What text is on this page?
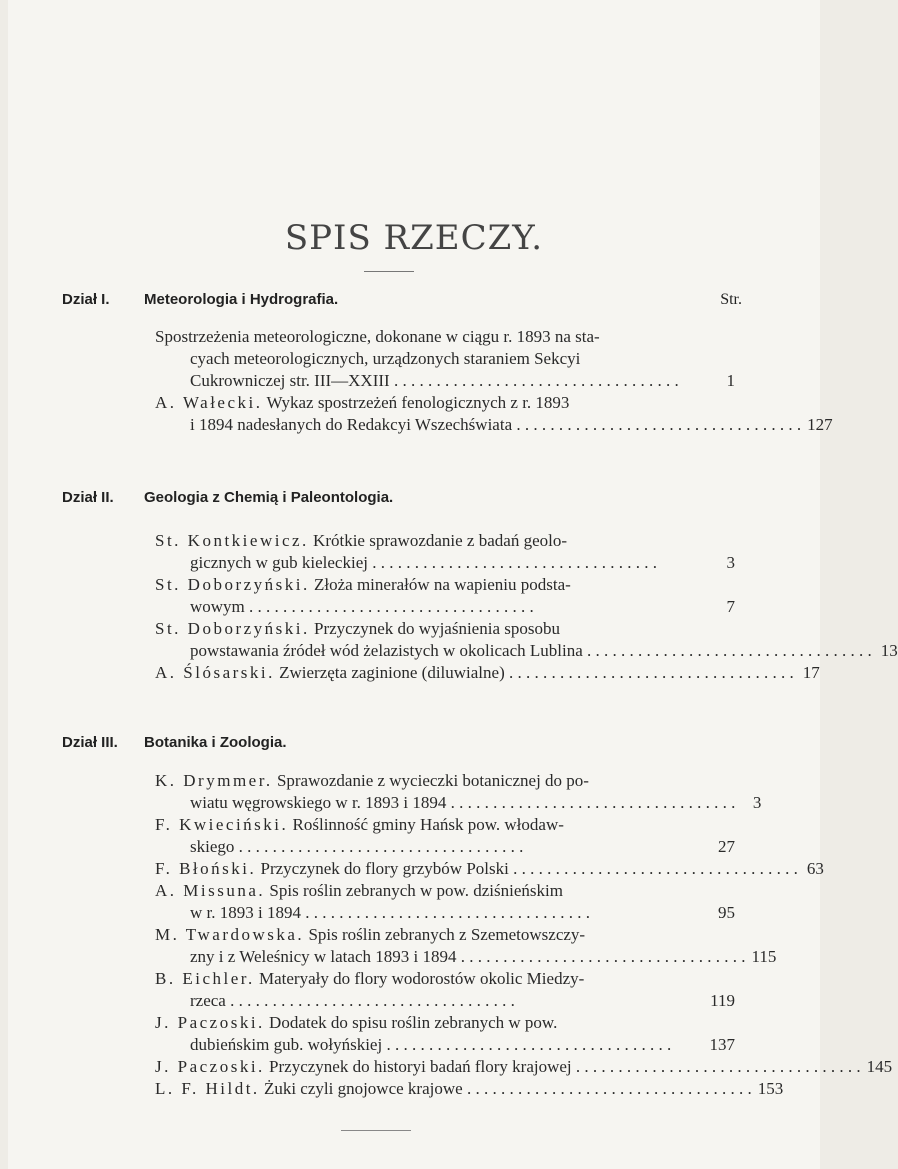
SPIS RZECZY.
Dział I.	Meteorologia i Hydrografia.	Str.
Spostrzeżenia meteorologiczne, dokonane w ciągu r. 1893 na sta-
cyach meteorologicznych, urządzonych staraniem Sekcyi
Cukrowniczej str. III—XXIII . . . . . . . . . . . . . . . . . . . . . . . . . . . . . . . . . .	1
A. Wałecki. Wykaz spostrzeżeń fenologicznych z r. 1893
i 1894 nadesłanych do Redakcyi Wszechświata . . . . . . . . . . . . . . . . . . . . . . . . . . . . . . . . . . 127
Dział II.	Geologia z Chemią i Paleontologia.
St. Kontkiewicz. Krótkie sprawozdanie z badań geolo-
gicznych w gub kieleckiej . . . . . . . . . . . . . . . . . . . . . . . . . . . . . . . . . .	3
St. Doborzyński. Złoża minerałów na wapieniu podsta-
wowym . . . . . . . . . . . . . . . . . . . . . . . . . . . . . . . . . .	7
St. Doborzyński. Przyczynek do wyjaśnienia sposobu
powstawania źródeł wód żelazistych w okolicach Lublina . . . . . . . . . . . . . . . . . . . . . . . . . . . . . . . . . . 13
A. Ślósarski. Zwierzęta zaginione (diluwialne) . . . . . . . . . . . . . . . . . . . . . . . . . . . . . . . . . . 17
Dział III.	Botanika i Zoologia.
K. Drymmer. Sprawozdanie z wycieczki botanicznej do po-
wiatu węgrowskiego w r. 1893 i 1894 . . . . . . . . . . . . . . . . . . . . . . . . . . . . . . . . . .	3
F. Kwieciński. Roślinność gminy Hańsk pow. włodaw-
skiego . . . . . . . . . . . . . . . . . . . . . . . . . . . . . . . . . .	27
F. Błoński. Przyczynek do flory grzybów Polski . . . . . . . . . . . . . . . . . . . . . . . . . . . . . . . . . . 63
A. Missuna. Spis roślin zebranych w pow. dziśnieńskim
w r. 1893 i 1894 . . . . . . . . . . . . . . . . . . . . . . . . . . . . . . . . . .	95
M. Twardowska. Spis roślin zebranych z Szemetowszczy-
zny i z Weleśnicy w latach 1893 i 1894 . . . . . . . . . . . . . . . . . . . . . . . . . . . . . . . . . . 115
B. Eichler. Materyały do flory wodorostów okolic Miedzy-
rzeca . . . . . . . . . . . . . . . . . . . . . . . . . . . . . . . . . .	119
J. Paczoski. Dodatek do spisu roślin zebranych w pow.
dubieńskim gub. wołyńskiej . . . . . . . . . . . . . . . . . . . . . . . . . . . . . . . . . .	137
J. Paczoski. Przyczynek do historyi badań flory krajowej . . . . . . . . . . . . . . . . . . . . . . . . . . . . . . . . . . 145
L. F. Hildt. Żuki czyli gnojowce krajowe . . . . . . . . . . . . . . . . . . . . . . . . . . . . . . . . . . 153
